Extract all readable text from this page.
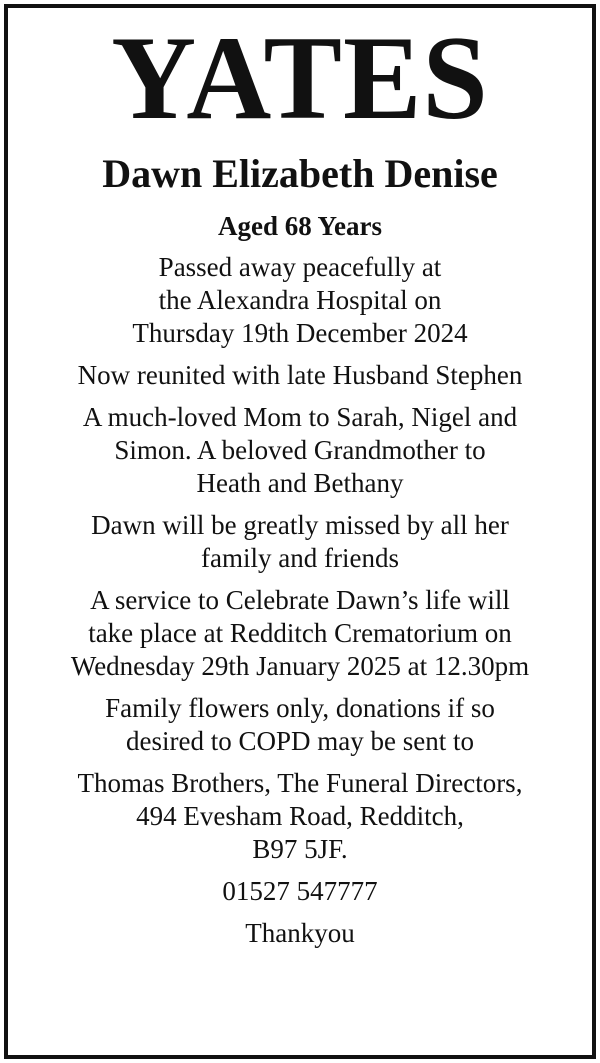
YATES
Dawn Elizabeth Denise
Aged 68 Years
Passed away peacefully at
the Alexandra Hospital on
Thursday 19th December 2024
Now reunited with late Husband Stephen
A much-loved Mom to Sarah, Nigel and
Simon. A beloved Grandmother to
Heath and Bethany
Dawn will be greatly missed by all her
family and friends
A service to Celebrate Dawn’s life will
take place at Redditch Crematorium on
Wednesday 29th January 2025 at 12.30pm
Family flowers only, donations if so
desired to COPD may be sent to
Thomas Brothers, The Funeral Directors,
494 Evesham Road, Redditch,
B97 5JF.
01527 547777
Thankyou
